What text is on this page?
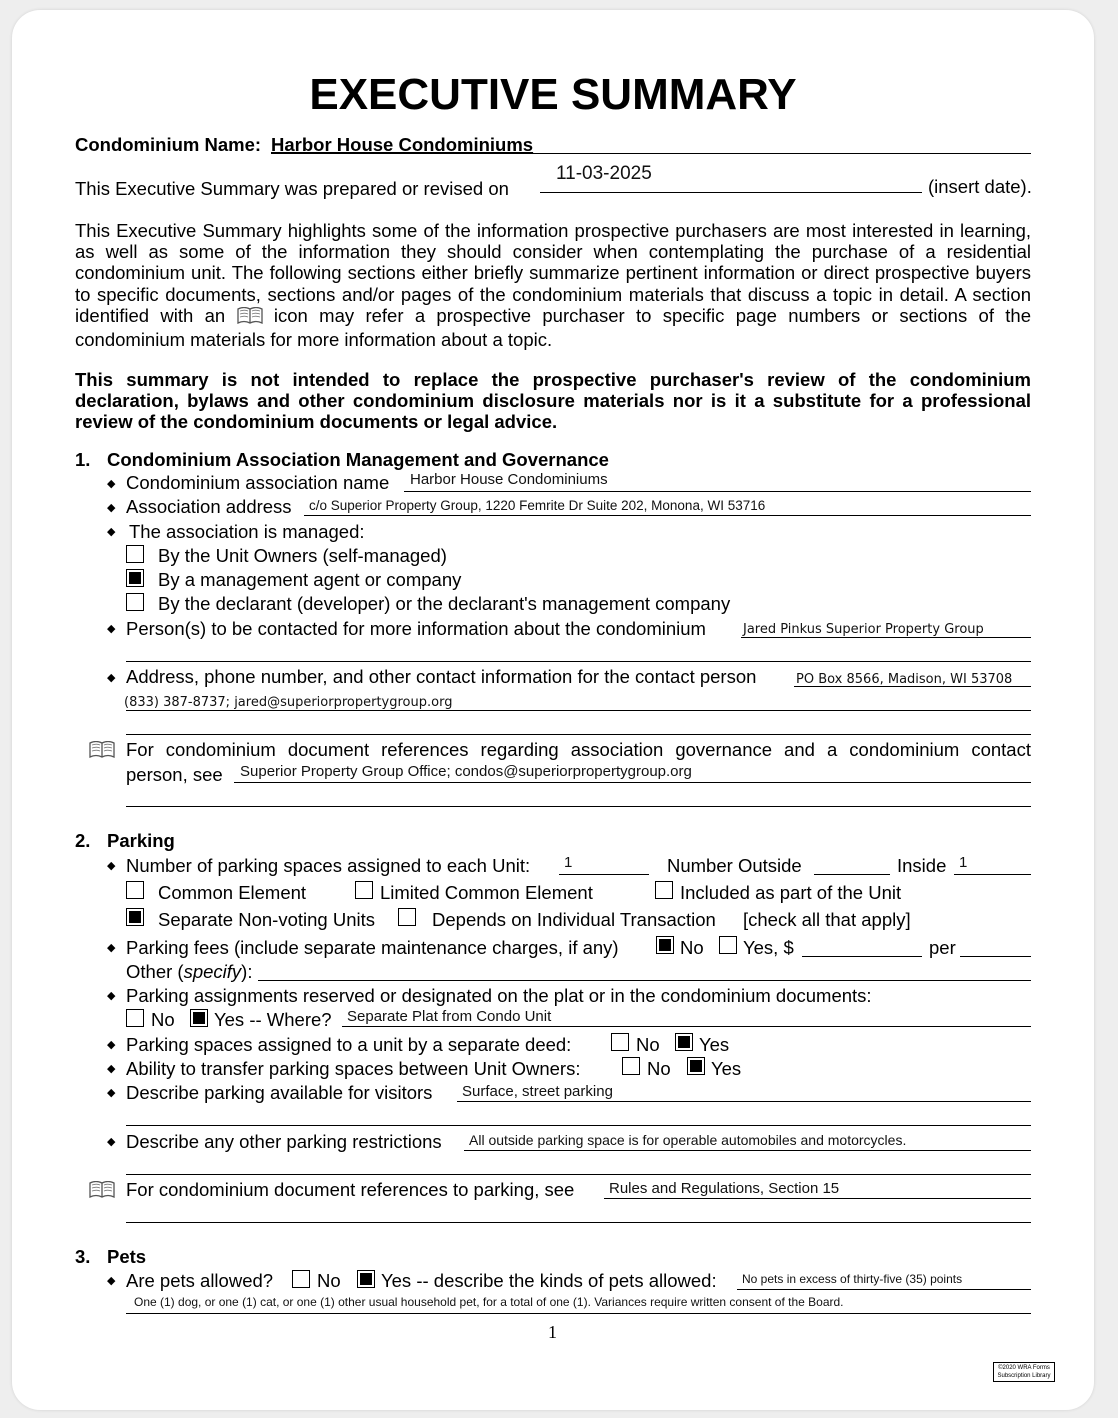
EXECUTIVE SUMMARY
Condominium Name: Harbor House Condominiums
This Executive Summary was prepared or revised on
11-03-2025
(insert date).
This Executive Summary highlights some of the information prospective purchasers are most interested in learning, as well as some of the information they should consider when contemplating the purchase of a residential condominium unit. The following sections either briefly summarize pertinent information or direct prospective buyers to specific documents, sections and/or pages of the condominium materials that discuss a topic in detail. A section identified with an	icon may refer a prospective purchaser to specific page numbers or sections of the condominium materials for more information about a topic.
This summary is not intended to replace the prospective purchaser's review of the condominium declaration, bylaws and other condominium disclosure materials nor is it a substitute for a professional review of the condominium documents or legal advice.
1. Condominium Association Management and Governance
◆ Condominium association name Harbor House Condominiums
◆ Association address c/o Superior Property Group, 1220 Femrite Dr Suite 202, Monona, WI 53716
◆ The association is managed:
By the Unit Owners (self-managed)
By a management agent or company
By the declarant (developer) or the declarant's management company
◆ Person(s) to be contacted for more information about the condominium	Jared Pinkus Superior Property Group
◆ Address, phone number, and other contact information for the contact person	PO Box 8566, Madison, WI 53708
(833) 387-8737; jared@superiorpropertygroup.org
For condominium document references regarding association governance and a condominium contact
person, see Superior Property Group Office; condos@superiorpropertygroup.org
2. Parking
◆ Number of parking spaces assigned to each Unit: 1	Number Outside	Inside 1
Common Element	Limited Common Element	Included as part of the Unit
Separate Non-voting Units	Depends on Individual Transaction [check all that apply]
◆ Parking fees (include separate maintenance charges, if any)	No Yes, $	per
Other (specify):
◆ Parking assignments reserved or designated on the plat or in the condominium documents:
No Yes -- Where? Separate Plat from Condo Unit
◆ Parking spaces assigned to a unit by a separate deed:	No Yes
◆ Ability to transfer parking spaces between Unit Owners:	No Yes
◆ Describe parking available for visitors Surface, street parking
◆ Describe any other parking restrictions All outside parking space is for operable automobiles and motorcycles.
For condominium document references to parking, see Rules and Regulations, Section 15
3. Pets
◆ Are pets allowed? No Yes -- describe the kinds of pets allowed: No pets in excess of thirty-five (35) points
One (1) dog, or one (1) cat, or one (1) other usual household pet, for a total of one (1). Variances require written consent of the Board.
1
©2020 WRA Forms
Subscription Library
